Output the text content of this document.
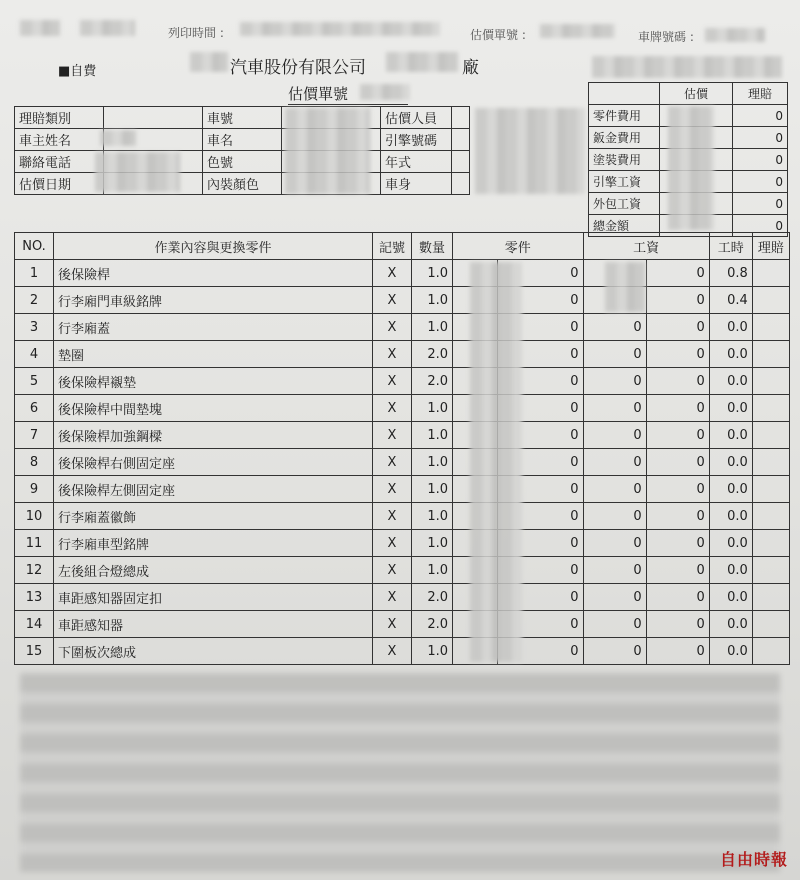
列印時間 :	估價單號 :	車牌號碼 :
■自費	汽車股份有限公司	廠
估價單號
理賠類別		車號		估價人員	
車主姓名		車名		引擎號碼	
聯絡電話		色號		年式	
估價日期		內裝顏色		車身	
	估價	理賠
零件費用		0
鈑金費用		0
塗裝費用		0
引擎工資		0
外包工資		0
總金額		0
NO.	作業內容與更換零件	記號	數量	零件		工資		工時	理賠
1	後保險桿	X	1.0		0		0	0.8	
2	行李廂門車級銘牌	X	1.0		0		0	0.4	
3	行李廂蓋	X	1.0		0	0	0	0.0	
4	墊圈	X	2.0		0	0	0	0.0	
5	後保險桿襯墊	X	2.0		0	0	0	0.0	
6	後保險桿中間墊塊	X	1.0		0	0	0	0.0	
7	後保險桿加強鋼樑	X	1.0		0	0	0	0.0	
8	後保險桿右側固定座	X	1.0		0	0	0	0.0	
9	後保險桿左側固定座	X	1.0		0	0	0	0.0	
10	行李廂蓋徽飾	X	1.0		0	0	0	0.0	
11	行李廂車型銘牌	X	1.0		0	0	0	0.0	
12	左後組合燈總成	X	1.0		0	0	0	0.0	
13	車距感知器固定扣	X	2.0		0	0	0	0.0	
14	車距感知器	X	2.0		0	0	0	0.0	
15	下圍板次總成	X	1.0		0	0	0	0.0	
自由時報
